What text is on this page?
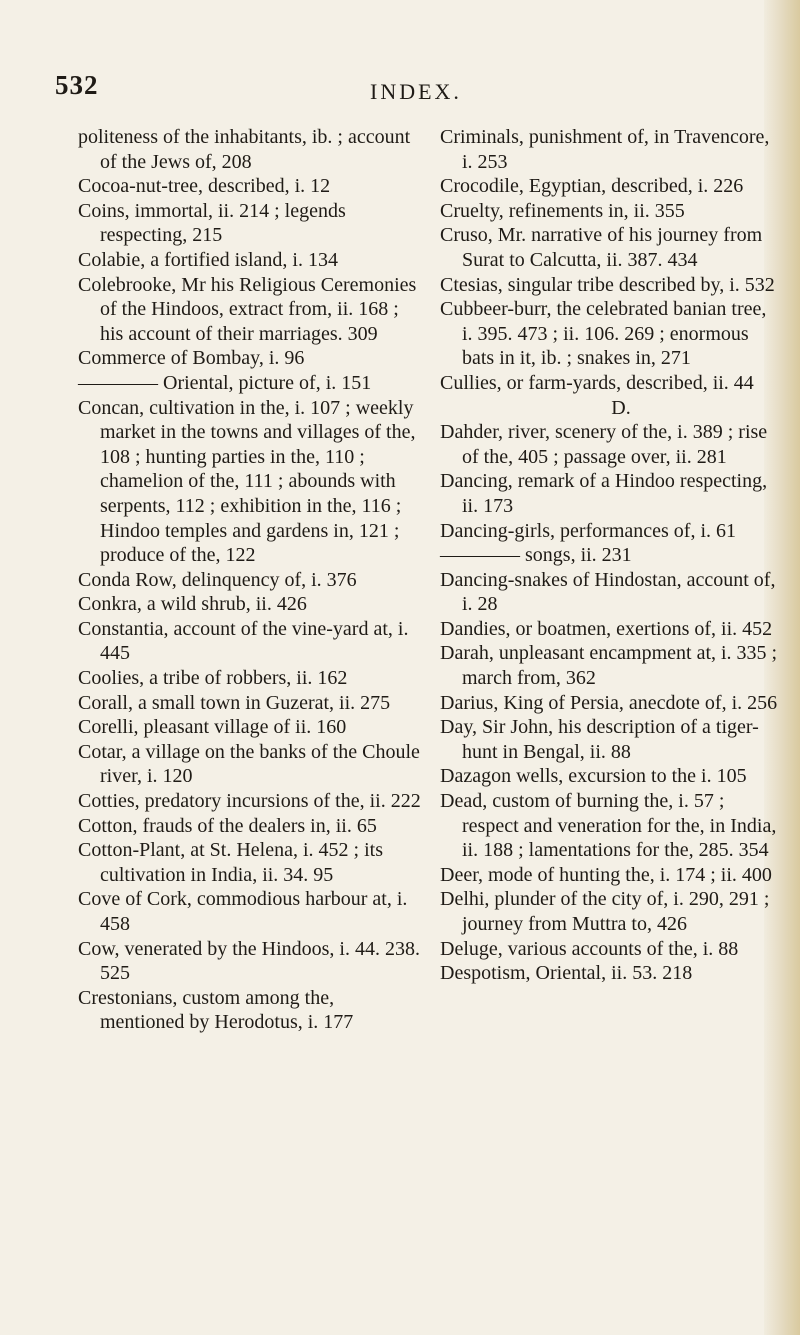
532	INDEX.
politeness of the inhabitants, ib. ; account of the Jews of, 208
Cocoa-nut-tree, described, i. 12
Coins, immortal, ii. 214 ; legends respecting, 215
Colabie, a fortified island, i. 134
Colebrooke, Mr his Religious Ceremonies of the Hindoos, extract from, ii. 168 ; his account of their marriages. 309
Commerce of Bombay, i. 96
———— Oriental, picture of, i. 151
Concan, cultivation in the, i. 107 ; weekly market in the towns and villages of the, 108 ; hunting parties in the, 110 ; chamelion of the, 111 ; abounds with serpents, 112 ; exhibition in the, 116 ; Hindoo temples and gardens in, 121 ; produce of the, 122
Conda Row, delinquency of, i. 376
Conkra, a wild shrub, ii. 426
Constantia, account of the vine-yard at, i. 445
Coolies, a tribe of robbers, ii. 162
Corall, a small town in Guzerat, ii. 275
Corelli, pleasant village of ii. 160
Cotar, a village on the banks of the Choule river, i. 120
Cotties, predatory incursions of the, ii. 222
Cotton, frauds of the dealers in, ii. 65
Cotton-Plant, at St. Helena, i. 452 ; its cultivation in India, ii. 34. 95
Cove of Cork, commodious harbour at, i. 458
Cow, venerated by the Hindoos, i. 44. 238. 525
Crestonians, custom among the, mentioned by Herodotus, i. 177
Criminals, punishment of, in Travencore, i. 253
Crocodile, Egyptian, described, i. 226
Cruelty, refinements in, ii. 355
Cruso, Mr. narrative of his journey from Surat to Calcutta, ii. 387. 434
Ctesias, singular tribe described by, i. 532
Cubbeer-burr, the celebrated banian tree, i. 395. 473 ; ii. 106. 269 ; enormous bats in it, ib. ; snakes in, 271
Cullies, or farm-yards, described, ii. 44
D.
Dahder, river, scenery of the, i. 389 ; rise of the, 405 ; passage over, ii. 281
Dancing, remark of a Hindoo respecting, ii. 173
Dancing-girls, performances of, i. 61
———— songs, ii. 231
Dancing-snakes of Hindostan, account of, i. 28
Dandies, or boatmen, exertions of, ii. 452
Darah, unpleasant encampment at, i. 335 ; march from, 362
Darius, King of Persia, anecdote of, i. 256
Day, Sir John, his description of a tiger-hunt in Bengal, ii. 88
Dazagon wells, excursion to the i. 105
Dead, custom of burning the, i. 57 ; respect and veneration for the, in India, ii. 188 ; lamentations for the, 285. 354
Deer, mode of hunting the, i. 174 ; ii. 400
Delhi, plunder of the city of, i. 290, 291 ; journey from Muttra to, 426
Deluge, various accounts of the, i. 88
Despotism, Oriental, ii. 53. 218
